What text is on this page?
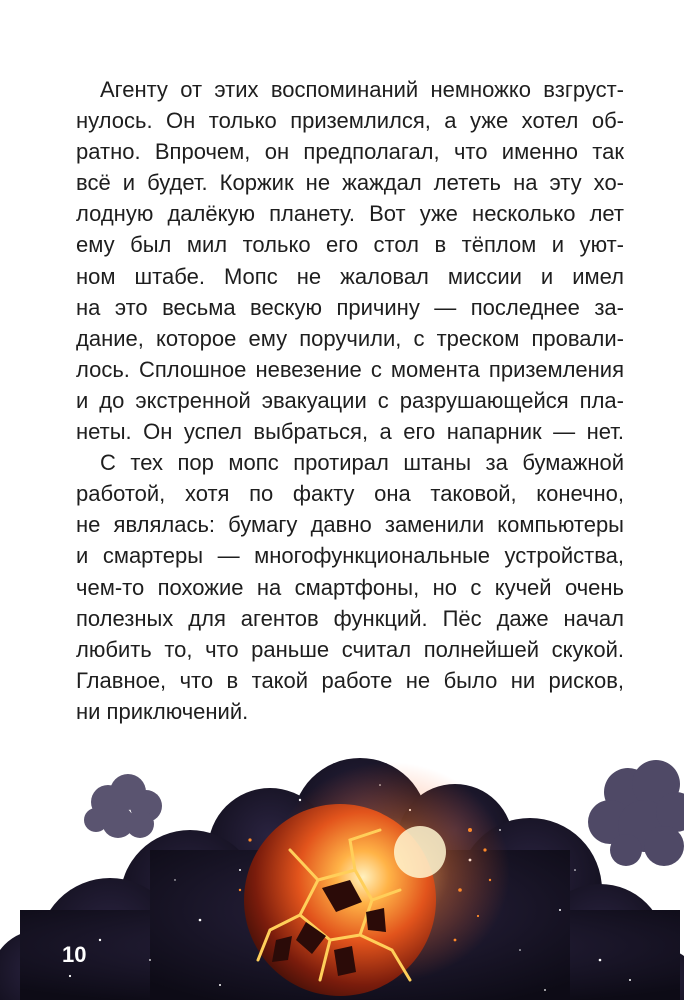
Агенту от этих воспоминаний немножко взгруст-
нулось. Он только приземлился, а уже хотел об-
ратно. Впрочем, он предполагал, что именно так
всё и будет. Коржик не жаждал лететь на эту хо-
лодную далёкую планету. Вот уже несколько лет
ему был мил только его стол в тёплом и уют-
ном штабе. Мопс не жаловал миссии и имел
на это весьма вескую причину — последнее за-
дание, которое ему поручили, с треском провали-
лось. Сплошное невезение с момента приземления
и до экстренной эвакуации с разрушающейся пла-
неты. Он успел выбраться, а его напарник — нет.
С тех пор мопс протирал штаны за бумажной
работой, хотя по факту она таковой, конечно,
не являлась: бумагу давно заменили компьютеры
и смартеры — многофункциональные устройства,
чем-то похожие на смартфоны, но с кучей очень
полезных для агентов функций. Пёс даже начал
любить то, что раньше считал полнейшей скукой.
Главное, что в такой работе не было ни рисков,
ни приключений.
10
